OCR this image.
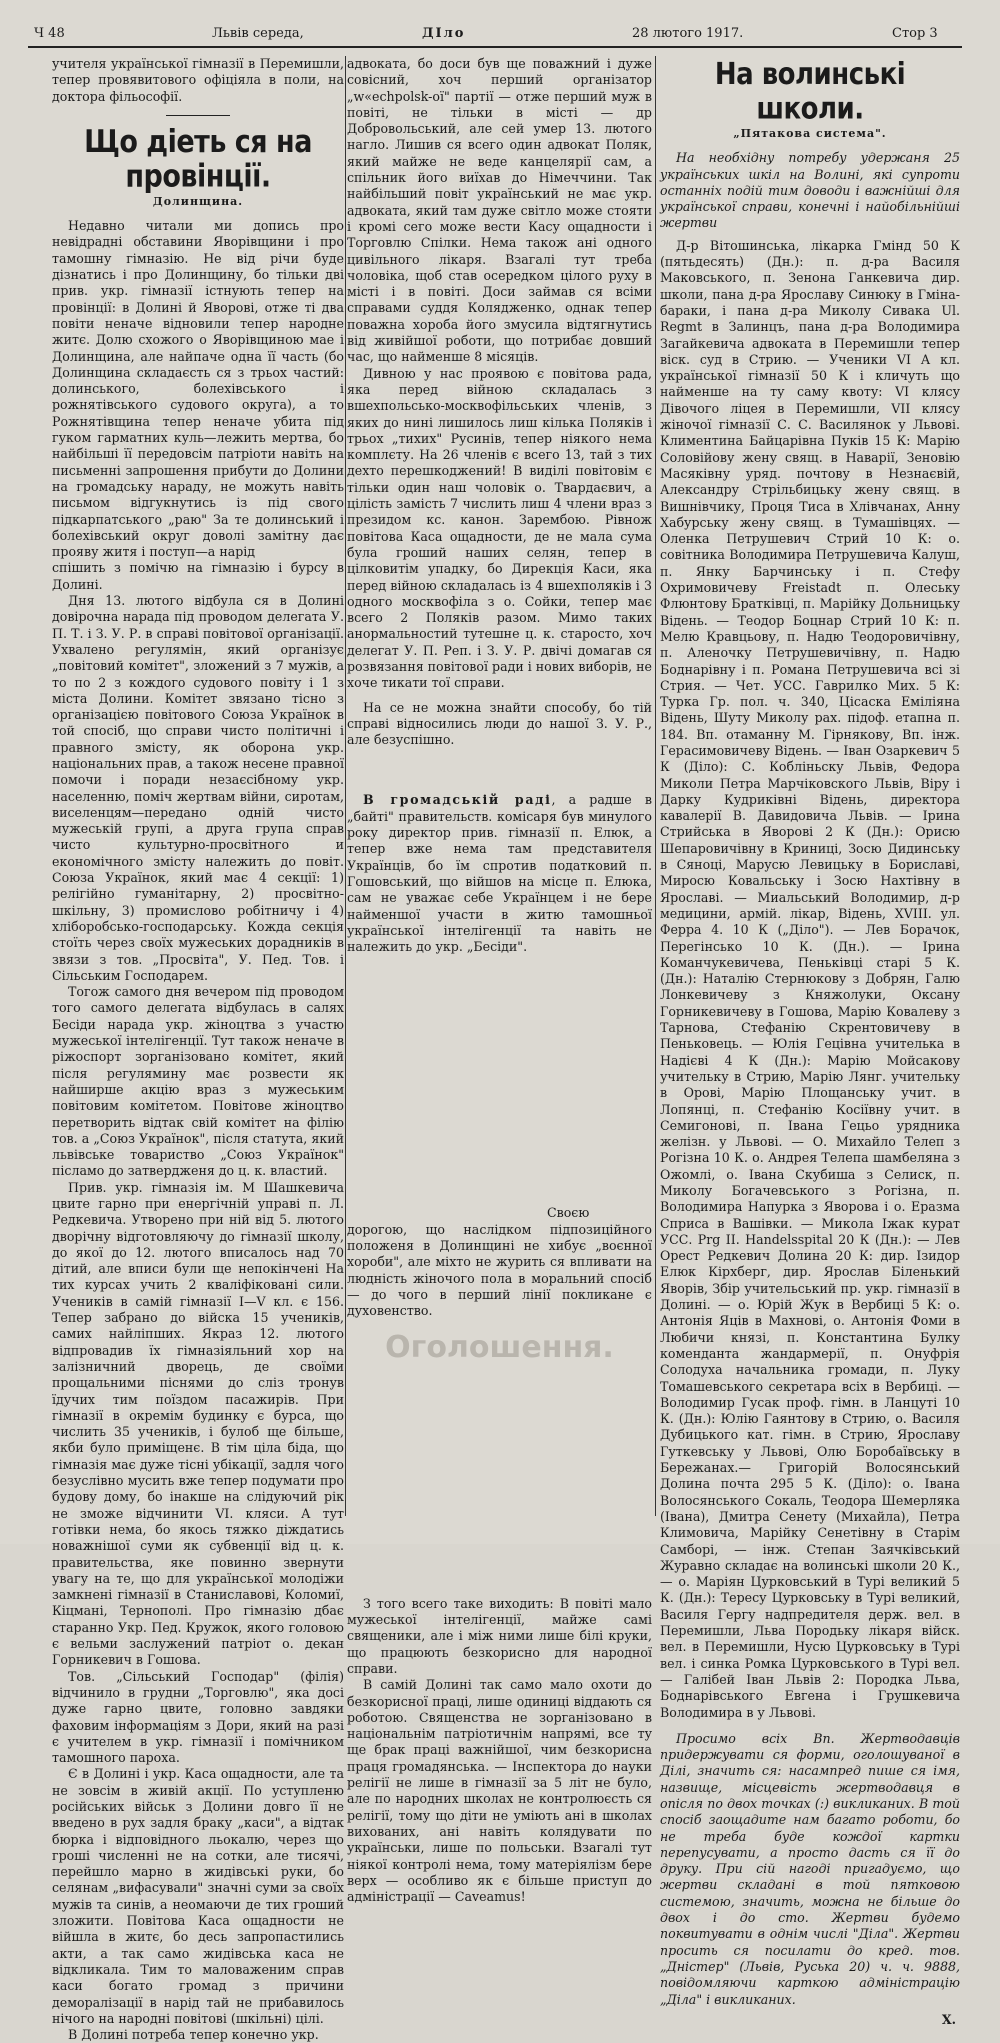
Ч 48	Львів середа,	ДІло	28 лютого 1917.	Стор 3

учителя української гімназії в Перемишли, тепер провявитового офіціяла в поли, на доктора фільософії.

Що діеть ся на провінції.
Долинщина.

Недавно читали ми допись про невідрадні обставини Яворівщини і про тамошну гімназію. Не від річи буде дізнатись і про Долинщину, бо тільки дві прив. укр. гімназії істнують тепер на провінції: в Долині й Яворові, отже ті два повіти неначе відновили тепер народне житє. Долю схожого о Яворівщиною мае і Долинщина, але найпаче одна її часть (бо Долинщина складаєсть ся з трьох частий: долинського, болехівського і рожнятівського судового округа), а то Рожнятівщина тепер неначе убита під гуком гарматних куль—лежить мертва, бо найбільші її передовсім патріоти навіть на письменні запрошення прибути до Долини на громадську нараду, не можуть навіть письмом відгукнутись із під свого підкарпатського „раю" За те долинський і болехівський округ доволі замітну дає прояву житя і поступ—а нарід

спішить з помічю на гімназію і бурсу в Долині.

Дня 13. лютого відбула ся в Долині довірочна нарада під проводом делегата У. П. Т. і З. У. Р. в справі повітової організації. Ухвалено регулямін, який організує „повітовий комітет", зложений з 7 мужів, а то по 2 з кождого судового повіту і 1 з міста Долини. Комітет звязано тісно з організацією повітового Союза Українок в той спосіб, що справи чисто політичні і правного змісту, як оборона укр. національних прав, а також несене правної помочи і поради незаєсібному укр. населенню, поміч жертвам війни, сиротам, виселенцям—передано одній чисто мужеській групі, а друга група справ чисто культурно-просвітного и економічного змісту належить до повіт. Союза Українок, який має 4 секції: 1) релігійно гуманітарну, 2) просвітно-шкільну, 3) промислово робітничу і 4) хліборобсько-господарську. Кожда секція стоїть через своїх мужеських дорадників в звязи з тов. „Просвіта", У. Пед. Тов. і Сільським Господарем.

Тогож самого дня вечером під проводом того самого делегата відбулась в салях Бесіди нарада укр. жіноцтва з участю мужеської інтелігенції. Тут також неначе в ріжоспорт зорганізовано комітет, який після регулямину має розвести як найширше акцію враз з мужеським повітовим комітетом. Повітове жіноцтво перетворить відтак свій комітет на філію тов. а „Союз Українок", після статута, який львівське товариство „Союз Українок" післамо до затвердженя до ц. к. властий.

Прив. укр. гімназія ім. М Шашкевича цвите гарно при енергічній управі п. Л. Редкевича. Утворено при ній від 5. лютого дворічну відготовляючу до гімназії школу, до якої до 12. лютого вписалось над 70 дітий, але вписи були ще непокінчені На тих курсах учить 2 кваліфіковані сили. Учеників в самій гімназії I—V кл. є 156. Тепер забрано до війска 15 учеників, самих найліпших. Якраз 12. лютого відпровадив їх гімназіяльний хор на залізничний дворець, де своїми прощальними піснями до сліз тронув їдучих тим поїздом пасажирів. При гімназії в окремім будинку є бурса, що числить 35 учеників, і булоб ще більше, якби було приміщенє. В тім ціла біда, що гімназія має дуже тісні убікації, задля чого безуслівно мусить вже тепер подумати про будову дому, бо інакше на слідуючий рік не зможе відчинити VI. кляси. А тут готівки нема, бо якось тяжко діждатись новажнішої суми як субвенції від ц. к. правительства, яке повинно звернути увагу на те, що для української молодіжи замкнені гімназії в Станиславові, Коломиї, Кіцмані, Тернополі. Про гімназію дбає старанно Укр. Пед. Кружок, якого головою є вельми заслужений патріот о. декан Горникевич в Гошова.

Тов. „Сільський Господар" (філія) відчинило в грудни „Торговлю", яка досі дуже гарно цвите, головно завдяки фаховим інформаціям з Дори, який на разі є учителем в укр. гімназії і помічником тамошного пароха.

Є в Долині і укр. Каса ощадности, але та не зовсім в живій акції. По уступленю російських військ з Долини довго її не введено в рух задля браку „каси", а відтак бюрка і відповідного льокалю, через що гроші численні не на сотки, але тисячі, перейшло марно в жидівські руки, бо селянам „вифасували" значні суми за своїх мужів та синів, а неомаючи де тих гроший зложити. Повітова Каса ощадности не війшла в житє, бо десь запропастились акти, а так само жидівська каса не відкликала. Тим то маловаженим справ каси богато громад з причини деморалізації в нарід тай не прибавилось нічого на народні повітові (шкільні) цілі.

В Долині потреба тепер конечно укр.

адвоката, бо доси був ще поважний і дуже совісний, хоч перший організатор „w«echpolsk-ої" партії — отже перший муж в повіті, не тільки в місті — др Добровольський, але сей умер 13. лютого нагло. Лишив ся всего один адвокат Поляк, який майже не веде канцелярії сам, а спільник його виїхав до Німеччини. Так найбільший повіт український не має укр. адвоката, який там дуже світло може стояти і кромі сего може вести Касу ощадности і Торговлю Спілки. Нема також ані одного цивільного лікаря. Взагалі тут треба чоловіка, щоб став осередком цілого руху в місті і в повіті. Доси займав ся всіми справами суддя Колядженко, однак тепер поважна хороба його змусила відтягнутись від живійшої роботи, що потрибає довший час, що найменше 8 місяців.

Дивною у нас проявою є повітова рада, яка перед війною складалась з вшехпольсько-москвофільських членів, з яких до нині лишилось лиш кілька Поляків і трьох „тихих" Русинів, тепер ніякого нема комплєту. На 26 членів є всего 13, тай з тих дехто перешкоджений! В виділі повітовім є тільки один наш чоловік о. Твардаєвич, а цілість замість 7 числить лиш 4 члени враз з президом кс. канон. Зарембою. Рівнож повітова Каса ощадности, де не мала сума була гроший наших селян, тепер в цілковитім упадку, бо Дирекція Каси, яка перед війною складалась із 4 вшехполяків і 3 одного москвофіла з о. Сойки, тепер має всего 2 Поляків разом. Мимо таких анормальностий тутешне ц. к. старосто, хоч делегат У. П. Реп. і З. У. Р. двічі домагав ся розвязання повітової ради і нових виборів, не хоче тикати тої справи.

На се не можна знайти способу, бо тій справі відносились люди до нашої З. У. Р., але безуспішно.

В громадській раді, а радше в „байті" правительств. комісаря був минулого року директор прив. гімназії п. Елюк, а тепер вже нема там представителя Українців, бо їм спротив податковий п. Гошовський, що війшов на місце п. Елюка, сам не уважає себе Українцем і не бере найменшої участи в житю тамошньої української інтелігенції та навіть не належить до укр. „Бесіди".

Своєю дорогою, що наслідком підпозиційного положеня в Долинщині не хибує „воєнної хороби", але міхто не журить ся впливати на людність жіночого пола в моральний спосіб — до чого в перший лінії покликане є духовенство.

Оголошення.

З того всего таке виходить: В повіті мало мужеської інтелігенції, майже самі священики, але і між ними лише білі круки, що працюють безкорисно для народної справи.

В самій Долині так само мало охоти до безкорисної праці, лише одиниці віддають ся роботою. Священства не зорганізовано в національнім патріотичнім напрямі, все ту ще брак праці важнійшої, чим безкорисна праця громадянська. — Інспектора до науки релігії не лише в гімназії за 5 літ не було, але по народних школах не контролюєсть ся релігії, тому що діти не уміють ані в школах вихованих, ані навіть колядувати по українськи, лише по польськи. Взагалі тут ніякої контролі нема, тому матеріялізм бере верх — особливо як є більше приступ до адміністрації — Caveamus!

На волинські школи.
„Пятакова система".

На необхідну потребу удержаня 25 українських шкіл на Волині, які супроти останніх подій тим доводи і важнійші для української справи, конечні і найобільнійші жертви

Д-р Вітошинська, лікарка Гмінд 50 К (пятьдесять) (Дн.): п. д-ра Василя Маковського, п. Зенона Ганкевича дир. школи, пана д-ра Ярославу Синюку в Гміна-бараки, і пана д-ра Миколу Сивака Ul. Regmt в Залинцъ, пана д-ра Володимира Загайкевича адвоката в Перемишли тепер віск. суд в Стрию. — Ученики VI А кл. української гімназії 50 К і кличуть що найменше на ту саму квоту: VI клясу Дівочого ліцея в Перемишли, VII клясу жіночої гімназії С. С. Василянок у Львові. Климентина Байцарівна Пуків 15 К: Марію Соловійову жену свящ. в Наварії, Зеновію Масяківну уряд. почтову в Незнаєвій, Александру Стрільбицьку жену свящ. в Вишнівчику, Проця Тиса в Хлівчанах, Анну Хабурську жену свящ. в Тумашівцях. — Оленка Петрушевич Стрий 10 К: о. совітника Володимира Петрушевича Калуш, п. Янку Барчинську і п. Стефу Охримовичеву Freistadt п. Олеську Флюнтову Братківці, п. Марійку Дольницьку Відень. — Теодор Боцнар Стрий 10 К: п. Мелю Кравцьову, п. Надю Теодоровичівну, п. Аленочку Петрушевичівну, п. Надю Боднарівну і п. Романа Петрушевича всі зі Стрия. — Чет. УСС. Гаврилко Мих. 5 К: Турка Гр. пол. ч. 340, Цісаска Еміліяна Відень, Шуту Миколу рах. підоф. етапна п. 184. Вп. отаманну М. Гірнякову, Вп. інж. Герасимовичеву Відень. — Іван Озаркевич 5 К (Діло): С. Кобліньску Львів, Федора Миколи Петра Марчіковского Львів, Віру і Дарку Кудриківні Відень, директора кавалерії В. Давидовича Львів. — Ірина Стрийська в Яворові 2 К (Дн.): Орисю Шепаровичівну в Криниці, Зосю Дидинську в Сяноці, Марусю Левицьку в Бориславі, Миросю Ковальську і Зосю Нахтівну в Ярославі. — Миальський Володимир, д-р медицини, армій. лікар, Відень, XVIII. ул. Ферра 4. 10 К („Діло"). — Лев Борачок, Перегінсько 10 К. (Дн.). — Ірина Команчукевичева, Пеньківці старі 5 К. (Дн.): Наталію Стернюкову з Добрян, Галю Лонкевичеву з Княжолуки, Оксану Горникевичеву в Гошова, Марію Ковалеву з Тарнова, Стефанію Скрентовичеву в Пеньковець. — Юлія Гецівна учителька в Надієві 4 К (Дн.): Марію Мойсакову учительку в Стрию, Марію Лянг. учительку в Орові, Марію Площанську учит. в Лопянці, п. Стефанію Косіївну учит. в Семигонові, п. Івана Гецьо урядника желізн. у Львові. — О. Михайло Телеп з Рогізна 10 К. о. Андрея Телепа шамбеляна з Ожомлі, о. Івана Скубиша з Селиск, п. Миколу Богачевського з Рогізна, п. Володимира Напурка з Яворова і о. Еразма Сприса в Вашівки. — Микола Іжак курат УСС. Prg II. Handelsspital 20 К (Дн.): — Лев Орест Редкевич Долина 20 К: дир. Ізидор Елюк Кірхберг, дир. Ярослав Біленький Яворів, Збір учительський пр. укр. гімназії в Долині. — о. Юрій Жук в Вербиці 5 К: о. Антонія Яців в Махнові, о. Антонія Фоми в Любичи князі, п. Константина Булку коменданта жандармерії, п. Онуфрія Солодуха начальника громади, п. Луку Томашевського секретара всіх в Вербиці. — Володимир Гусак проф. гімн. в Ланцуті 10 К. (Дн.): Юлію Гаянтову в Стрию, о. Василя Дубицького кат. гімн. в Стрию, Ярославу Гуткевську у Львові, Олю Боробаївську в Бережанах.— Григорій Волосянський Долина почта 295 5 К. (Діло): о. Івана Волосянського Сокаль, Теодора Шемерляка (Івана), Дмитра Сенету (Михайла), Петра Климовича, Марійку Сенетівну в Старім Самборі, — інж. Степан Заячківський Журавно складає на волинські школи 20 К.,— о. Маріян Цурковський в Турі великий 5 К. (Дн.): Тересу Цурковську в Турі великий, Василя Гергу надпредителя держ. вел. в Перемишли, Льва Породьку лікаря війск. вел. в Перемишли, Нусю Цурковську в Турі вел. і синка Ромка Цурковського в Турі вел.— Галібей Іван Львів 2: Породка Льва, Боднарівського Евгена і Грушкевича Володимира в у Львові.

Просимо всіх Вп. Жертводавців придержувати ся форми, оголошуваної в Ділі, значить ся: насампред пише ся імя, назвище, місцевість жертводавця в опісля по двох точках (:) викликаних. В той спосіб заощадите нам багато роботи, бо не треба буде кождої картки перепусувати, а просто дасть ся її до друку. При сій нагоді пригадуємо, що жертви складані в той пятковою системою, значить, можна не більше до двох і до сто. Жертви будемо поквитувати в однім числі "Діла". Жертви просить ся посилати до кред. тов. „Дністер" (Львів, Руська 20) ч. ч. 9888, повідомляючи карткою адміністрацію „Діла" і викликаних.

Х.
